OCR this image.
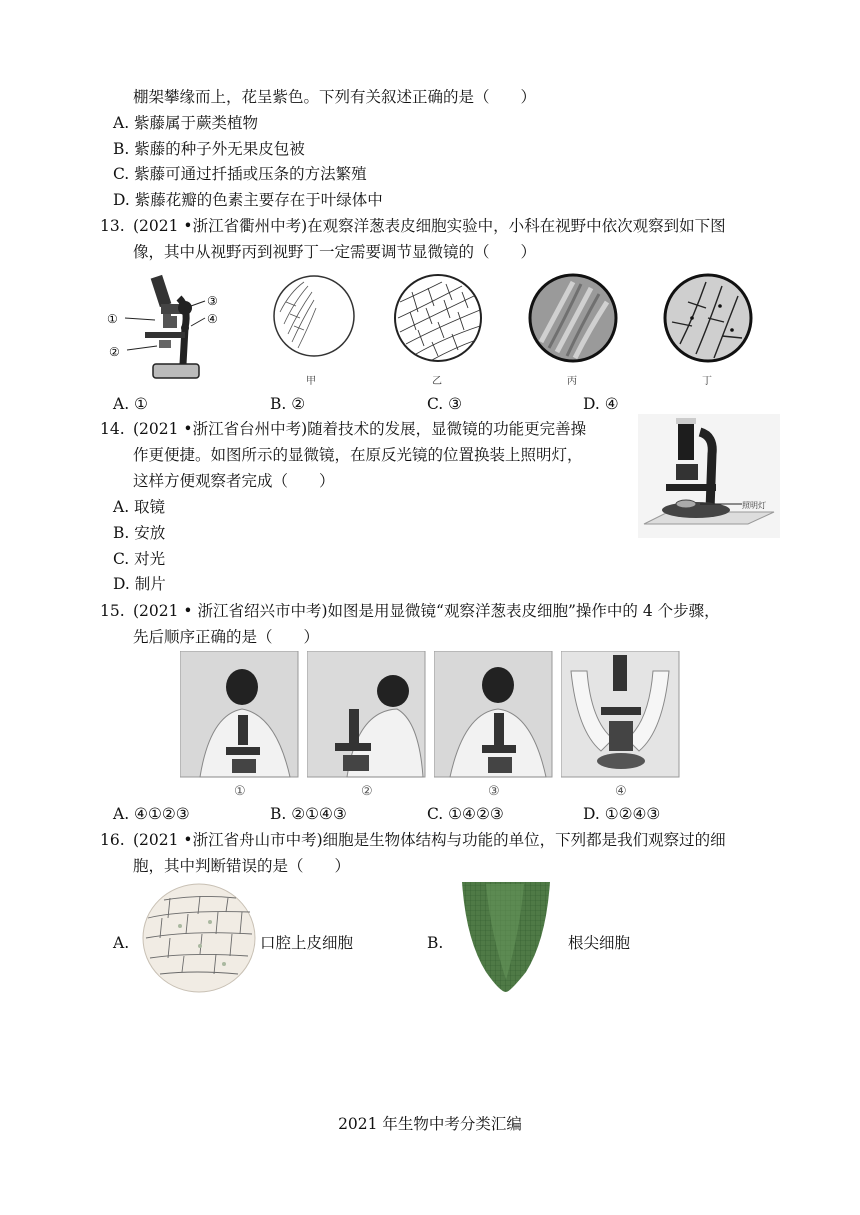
棚架攀缘而上，花呈紫色。下列有关叙述正确的是（　　）
A. 紫藤属于蕨类植物
B. 紫藤的种子外无果皮包被
C. 紫藤可通过扦插或压条的方法繁殖
D. 紫藤花瓣的色素主要存在于叶绿体中
13. (2021 •浙江省衢州中考)在观察洋葱表皮细胞实验中，小科在视野中依次观察到如下图
像，其中从视野丙到视野丁一定需要调节显微镜的（　　）
①
②
③
④
甲	乙	丙	丁
A. ①	B. ②	C. ③	D. ④
14. (2021 •浙江省台州中考)随着技术的发展，显微镜的功能更完善操
作更便捷。如图所示的显微镜，在原反光镜的位置换装上照明灯，
这样方便观察者完成（　　）
A. 取镜
B. 安放
C. 对光
D. 制片
照明灯
15. (2021 • 浙江省绍兴市中考)如图是用显微镜“观察洋葱表皮细胞”操作中的 4 个步骤，
先后顺序正确的是（　　）
①	②	③	④
A. ④①②③	B. ②①④③	C. ①④②③	D. ①②④③
16. (2021 •浙江省舟山市中考)细胞是生物体结构与功能的单位，下列都是我们观察过的细
胞，其中判断错误的是（　　）
A.	口腔上皮细胞	B.	根尖细胞
2021 年生物中考分类汇编
